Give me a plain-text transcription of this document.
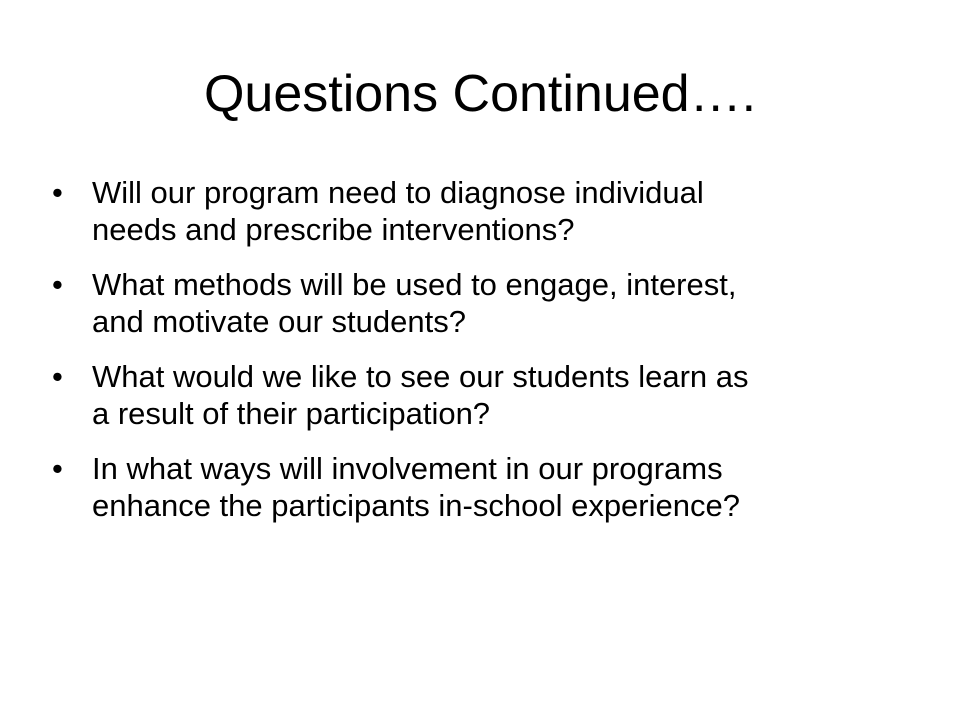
Questions Continued….
• Will our program need to diagnose individual
needs and prescribe interventions?
• What methods will be used to engage, interest,
and motivate our students?
• What would we like to see our students learn as
a result of their participation?
• In what ways will involvement in our programs
enhance the participants in-school experience?
